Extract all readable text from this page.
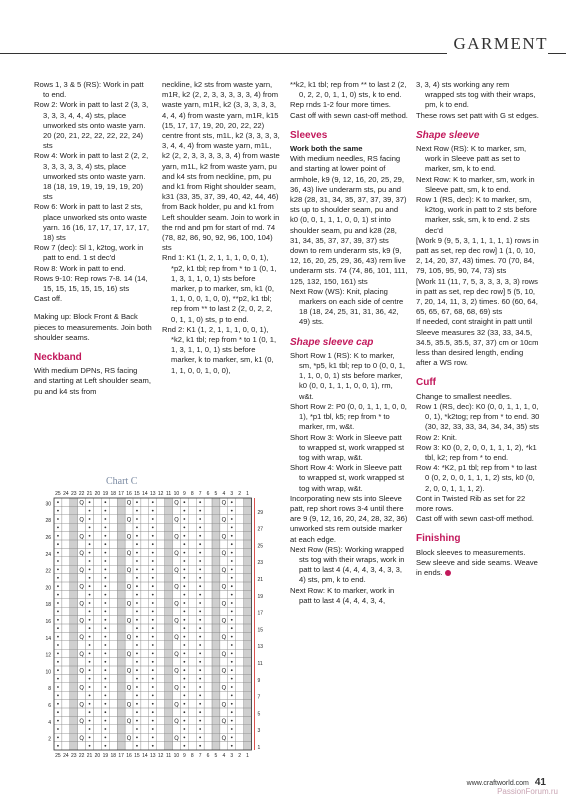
GARMENT

Rows 1, 3 & 5 (RS): Work in patt to end.

Row 2: Work in patt to last 2 (3, 3, 3, 3, 3, 4, 4, 4) sts, place unworked sts onto waste yarn. 20 (20, 21, 22, 22, 22, 22, 24) sts

Row 4: Work in patt to last 2 (2, 2, 3, 3, 3, 3, 3, 4) sts, place unworked sts onto waste yarn. 18 (18, 19, 19, 19, 19, 19, 20) sts

Row 6: Work in patt to last 2 sts, place unworked sts onto waste yarn. 16 (16, 17, 17, 17, 17, 17, 18) sts

Row 7 (dec): Sl 1, k2tog, work in patt to end. 1 st dec'd

Row 8: Work in patt to end.

Rows 9-10: Rep rows 7-8. 14 (14, 15, 15, 15, 15, 15, 16) sts

Cast off.

Making up: Block Front & Back pieces to measurements. Join both shoulder seams.

Neckband

With medium DPNs, RS facing and starting at Left shoulder seam, pu and k4 sts from

neckline, k2 sts from waste yarn, m1R, k2 (2, 2, 3, 3, 3, 3, 3, 4) from waste yarn, m1R, k2 (3, 3, 3, 3, 3, 4, 4, 4) from waste yarn, m1R, k15 (15, 17, 17, 19, 20, 20, 22, 22) centre front sts, m1L, k2 (3, 3, 3, 3, 3, 4, 4, 4) from waste yarn, m1L, k2 (2, 2, 3, 3, 3, 3, 3, 4) from waste yarn, m1L, k2 from waste yarn, pu and k4 sts from neckline, pm, pu and k1 from Right shoulder seam, k31 (33, 35, 37, 39, 40, 42, 44, 46) from Back holder, pu and k1 from Left shoulder seam. Join to work in the rnd and pm for start of rnd. 74 (78, 82, 86, 90, 92, 96, 100, 104) sts

Rnd 1: K1 (1, 2, 1, 1, 1, 0, 0, 1), *p2, k1 tbl; rep from * to 1 (0, 1, 1, 3, 1, 1, 0, 1) sts before marker, p to marker, sm, k1 (0, 1, 1, 0, 0, 1, 0, 0), **p2, k1 tbl; rep from ** to last 2 (2, 0, 2, 2, 0, 1, 1, 0) sts, p to end.

Rnd 2: K1 (1, 2, 1, 1, 1, 0, 0, 1), *k2, k1 tbl; rep from * to 1 (0, 1, 1, 3, 1, 1, 0, 1) sts before marker, k to marker, sm, k1 (0, 1, 1, 0, 0, 1, 0, 0),

**k2, k1 tbl; rep from ** to last 2 (2, 0, 2, 2, 0, 1, 1, 0) sts, k to end.

Rep rnds 1-2 four more times. Cast off with sewn cast-off method.

Sleeves

Work both the same

With medium needles, RS facing and starting at lower point of armhole, k9 (9, 12, 16, 20, 25, 29, 36, 43) live underarm sts, pu and k28 (28, 31, 34, 35, 37, 37, 39, 37) sts up to shoulder seam, pu and k0 (0, 0, 1, 1, 1, 0, 0, 1) st into shoulder seam, pu and k28 (28, 31, 34, 35, 37, 37, 39, 37) sts down to rem underarm sts, k9 (9, 12, 16, 20, 25, 29, 36, 43) rem live underarm sts. 74 (74, 86, 101, 111, 125, 132, 150, 161) sts

Next Row (WS): Knit, placing markers on each side of centre 18 (18, 24, 25, 31, 31, 36, 42, 49) sts.

Shape sleeve cap

Short Row 1 (RS): K to marker, sm, *p5, k1 tbl; rep to 0 (0, 0, 1, 1, 1, 0, 0, 1) sts before marker, k0 (0, 0, 1, 1, 1, 0, 0, 1), rm, w&t.

Short Row 2: P0 (0, 0, 1, 1, 1, 0, 0, 1), *p1 tbl, k5; rep from * to marker, rm, w&t.

Short Row 3: Work in Sleeve patt to wrapped st, work wrapped st tog with wrap, w&t.

Short Row 4: Work in Sleeve patt to wrapped st, work wrapped st tog with wrap, w&t.

Incorporating new sts into Sleeve patt, rep short rows 3-4 until there are 9 (9, 12, 16, 20, 24, 28, 32, 36) unworked sts rem outside marker at each edge.

Next Row (RS): Working wrapped sts tog with their wraps, work in patt to last 4 (4, 4, 4, 3, 4, 3, 3, 4) sts, pm, k to end.

Next Row: K to marker, work in patt to last 4 (4, 4, 4, 3, 4,

3, 3, 4) sts working any rem wrapped sts tog with their wraps, pm, k to end.

These rows set patt with G st edges.

Shape sleeve

Next Row (RS): K to marker, sm, work in Sleeve patt as set to marker, sm, k to end.

Next Row: K to marker, sm, work in Sleeve patt, sm, k to end.

Row 1 (RS, dec): K to marker, sm, k2tog, work in patt to 2 sts before marker, ssk, sm, k to end. 2 sts dec'd

[Work 9 (9, 5, 3, 1, 1, 1, 1, 1) rows in patt as set, rep dec row] 1 (1, 0, 10, 2, 14, 20, 37, 43) times. 70 (70, 84, 79, 105, 95, 90, 74, 73) sts

[Work 11 (11, 7, 5, 3, 3, 3, 3, 3) rows in patt as set, rep dec row] 5 (5, 10, 7, 20, 14, 11, 3, 2) times. 60 (60, 64, 65, 65, 67, 68, 68, 69) sts

If needed, cont straight in patt until Sleeve measures 32 (33, 33, 34.5, 34.5, 35.5, 35.5, 37, 37) cm or 10cm less than desired length, ending after a WS row.

Cuff

Change to smallest needles.

Row 1 (RS, dec): K0 (0, 0, 1, 1, 1, 0, 0, 1), *k2tog; rep from * to end. 30 (30, 32, 33, 33, 34, 34, 34, 35) sts

Row 2: Knit.

Row 3: K0 (0, 2, 0, 0, 1, 1, 1, 2), *k1 tbl, k2; rep from * to end.

Row 4: *K2, p1 tbl; rep from * to last 0 (0, 2, 0, 0, 1, 1, 1, 2) sts, k0 (0, 2, 0, 0, 1, 1, 1, 2).

Cont in Twisted Rib as set for 22 more rows.

Cast off with sewn cast-off method.

Finishing

Block sleeves to measurements. Sew sleeve and side seams. Weave in ends.

Q
Q
Q
Q
Q
Q
Q
Q
Q
Q
Q
Q
Q
Q
Q
Q
Q
Q
Q
Q
Q
Q
Q
Q
Q
Q
Q
Q
Q
Q
Q
Q
Q
Q
Q
Q
Q
Q
Q
Q
Q
Q
Q
Q
Q
Q
Q
Q
Q
Q
Q
Q
Q
Q
Q
Q
Q
Q
Q
Q
25 24 23 22 21 20 19 18 17 16 15 14 13 12 11 10 9 8 7 6 5 4 3 2 1
25 24 23 22 21 20 19 18 17 16 15 14 13 12 11 10 9 8 7 6 5 4 3 2 1
30
28
26
24
22
20
18
16
14
12
10
8
6
4
2
29
27
25
23
21
19
17
15
13
11
9
7
5
3
1
Chart C
www.craftworld.com 41
PassionForum.ru
